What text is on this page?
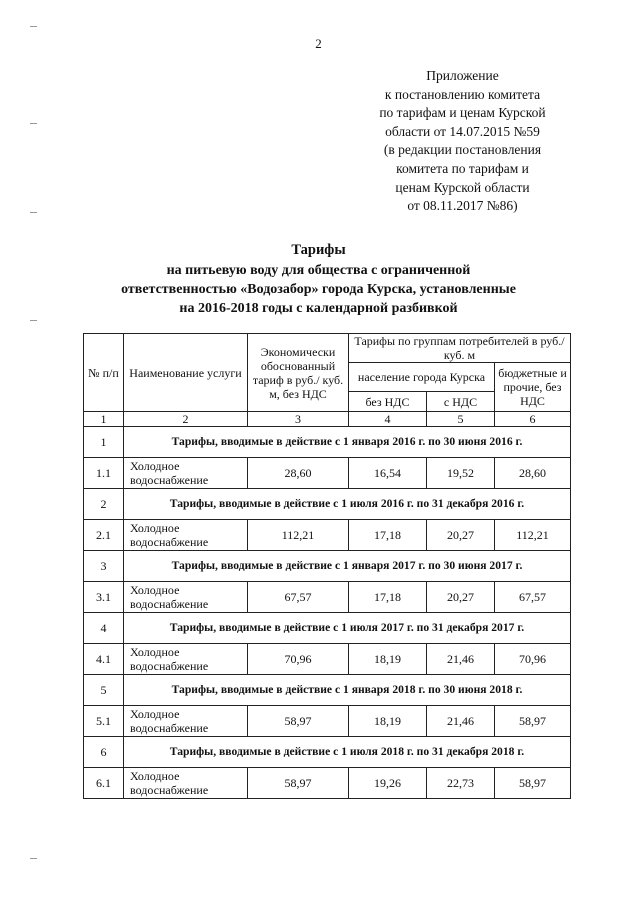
2
Приложение
к постановлению комитета
по тарифам и ценам Курской
области от 14.07.2015 №59
(в редакции постановления
комитета по тарифам и
ценам Курской области
от 08.11.2017 №86)
Тарифы
на питьевую воду для общества с ограниченной
ответственностью «Водозабор» города Курска, установленные
на 2016-2018 годы с календарной разбивкой
№ п/п	Наименование услуги	Экономически обоснованный тариф в руб./ куб. м, без НДС	Тарифы по группам потребителей в руб./ куб. м		
			население города Курска		бюджетные и прочие, без НДС
			без НДС	с НДС	
1	2	3	4	5	6
1	Тарифы, вводимые в действие с 1 января 2016 г. по 30 июня 2016 г.				
1.1	Холодное водоснабжение	28,60	16,54	19,52	28,60
2	Тарифы, вводимые в действие с 1 июля 2016 г. по 31 декабря 2016 г.				
2.1	Холодное водоснабжение	112,21	17,18	20,27	112,21
3	Тарифы, вводимые в действие с 1 января 2017 г. по 30 июня 2017 г.				
3.1	Холодное водоснабжение	67,57	17,18	20,27	67,57
4	Тарифы, вводимые в действие с 1 июля 2017 г. по 31 декабря 2017 г.				
4.1	Холодное водоснабжение	70,96	18,19	21,46	70,96
5	Тарифы, вводимые в действие с 1 января 2018 г. по 30 июня 2018 г.				
5.1	Холодное водоснабжение	58,97	18,19	21,46	58,97
6	Тарифы, вводимые в действие с 1 июля 2018 г. по 31 декабря 2018 г.				
6.1	Холодное водоснабжение	58,97	19,26	22,73	58,97
